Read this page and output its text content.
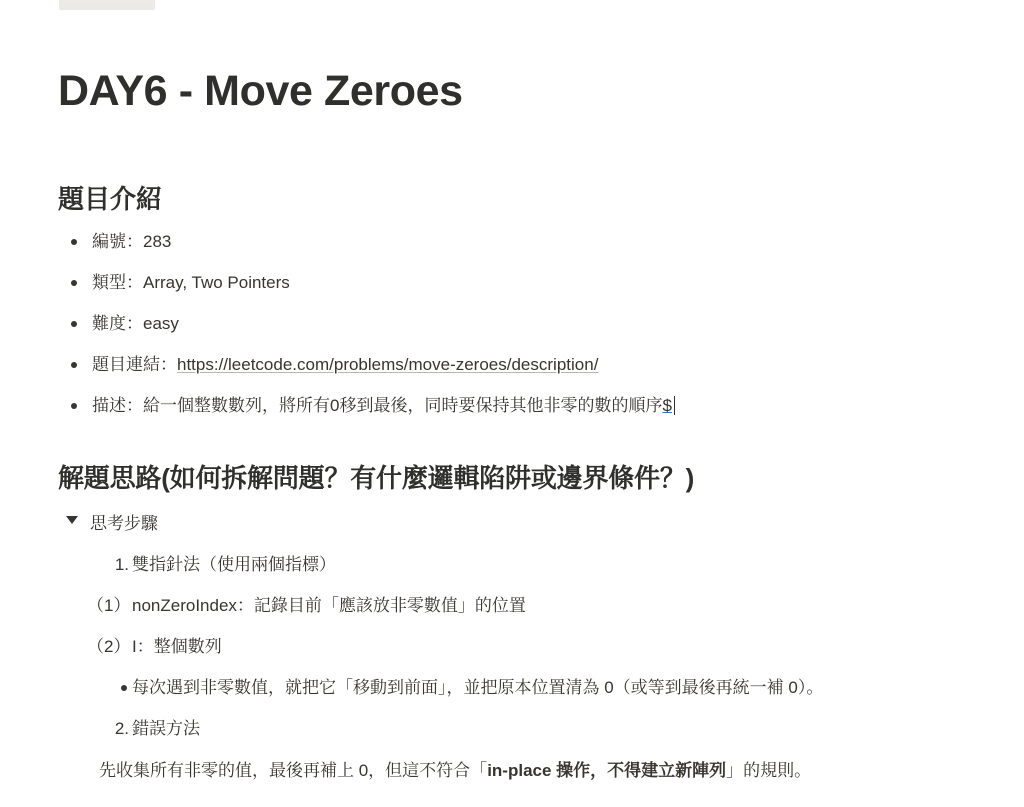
DAY6 - Move Zeroes
題目介紹
編號：283
類型：Array, Two Pointers
難度：easy
題目連結：https://leetcode.com/problems/move-zeroes/description/
描述：給一個整數數列，將所有0移到最後，同時要保持其他非零的數的順序$
解題思路(如何拆解問題？有什麼邏輯陷阱或邊界條件？)
思考步驟
1. 雙指針法（使用兩個指標）
（1） nonZeroIndex：記錄目前「應該放非零數值」的位置
（2） I：整個數列
每次遇到非零數值，就把它「移動到前面」，並把原本位置清為 0（或等到最後再統一補 0）。
2. 錯誤方法
先收集所有非零的值，最後再補上 0，但這不符合「in-place 操作，不得建立新陣列」的規則。
